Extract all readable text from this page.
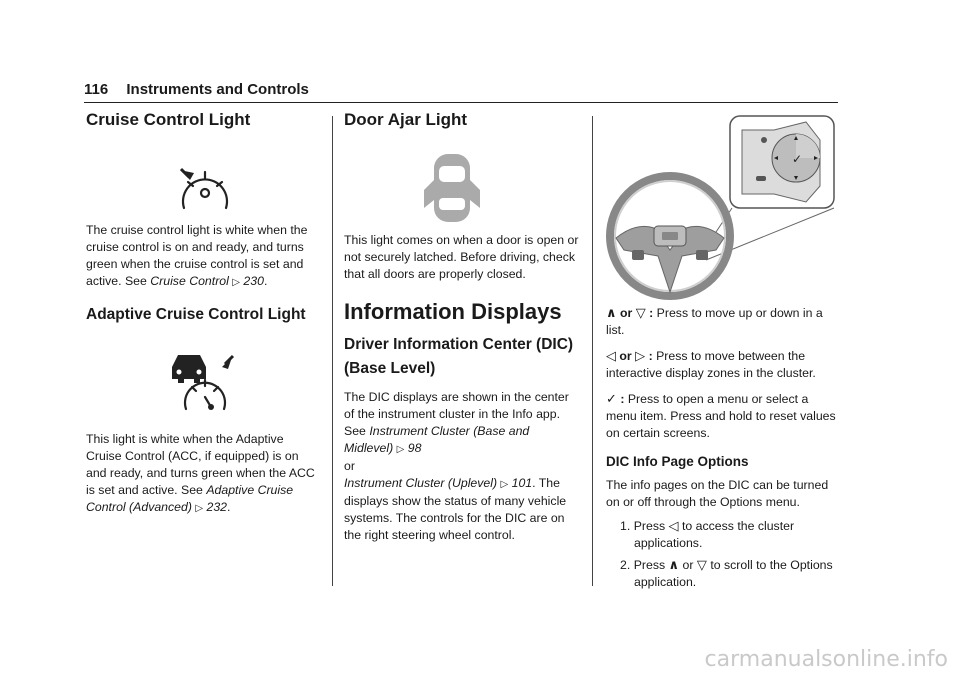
116 Instruments and Controls
Cruise Control Light

The cruise control light is white when the cruise control is on and ready, and turns green when the cruise control is set and active. See Cruise Control ▷ 230.

Adaptive Cruise Control Light

This light is white when the Adaptive Cruise Control (ACC, if equipped) is on and ready, and turns green when the ACC is set and active. See Adaptive Cruise Control (Advanced) ▷ 232.

Door Ajar Light

This light comes on when a door is open or not securely latched. Before driving, check that all doors are properly closed.

Information Displays
Driver Information Center (DIC) (Base Level)

The DIC displays are shown in the center of the instrument cluster in the Info app. See Instrument Cluster (Base and Midlevel) ▷ 98
or
Instrument Cluster (Uplevel) ▷ 101. The displays show the status of many vehicle systems. The controls for the DIC are on the right steering wheel control.

✓

∧ or ▽ : Press to move up or down in a list.

◁ or ▷ : Press to move between the interactive display zones in the cluster.

✓ : Press to open a menu or select a menu item. Press and hold to reset values on certain screens.

DIC Info Page Options

The info pages on the DIC can be turned on or off through the Options menu.

1. Press ◁ to access the cluster applications.
2. Press ∧ or ▽ to scroll to the Options application.
carmanualsonline.info
